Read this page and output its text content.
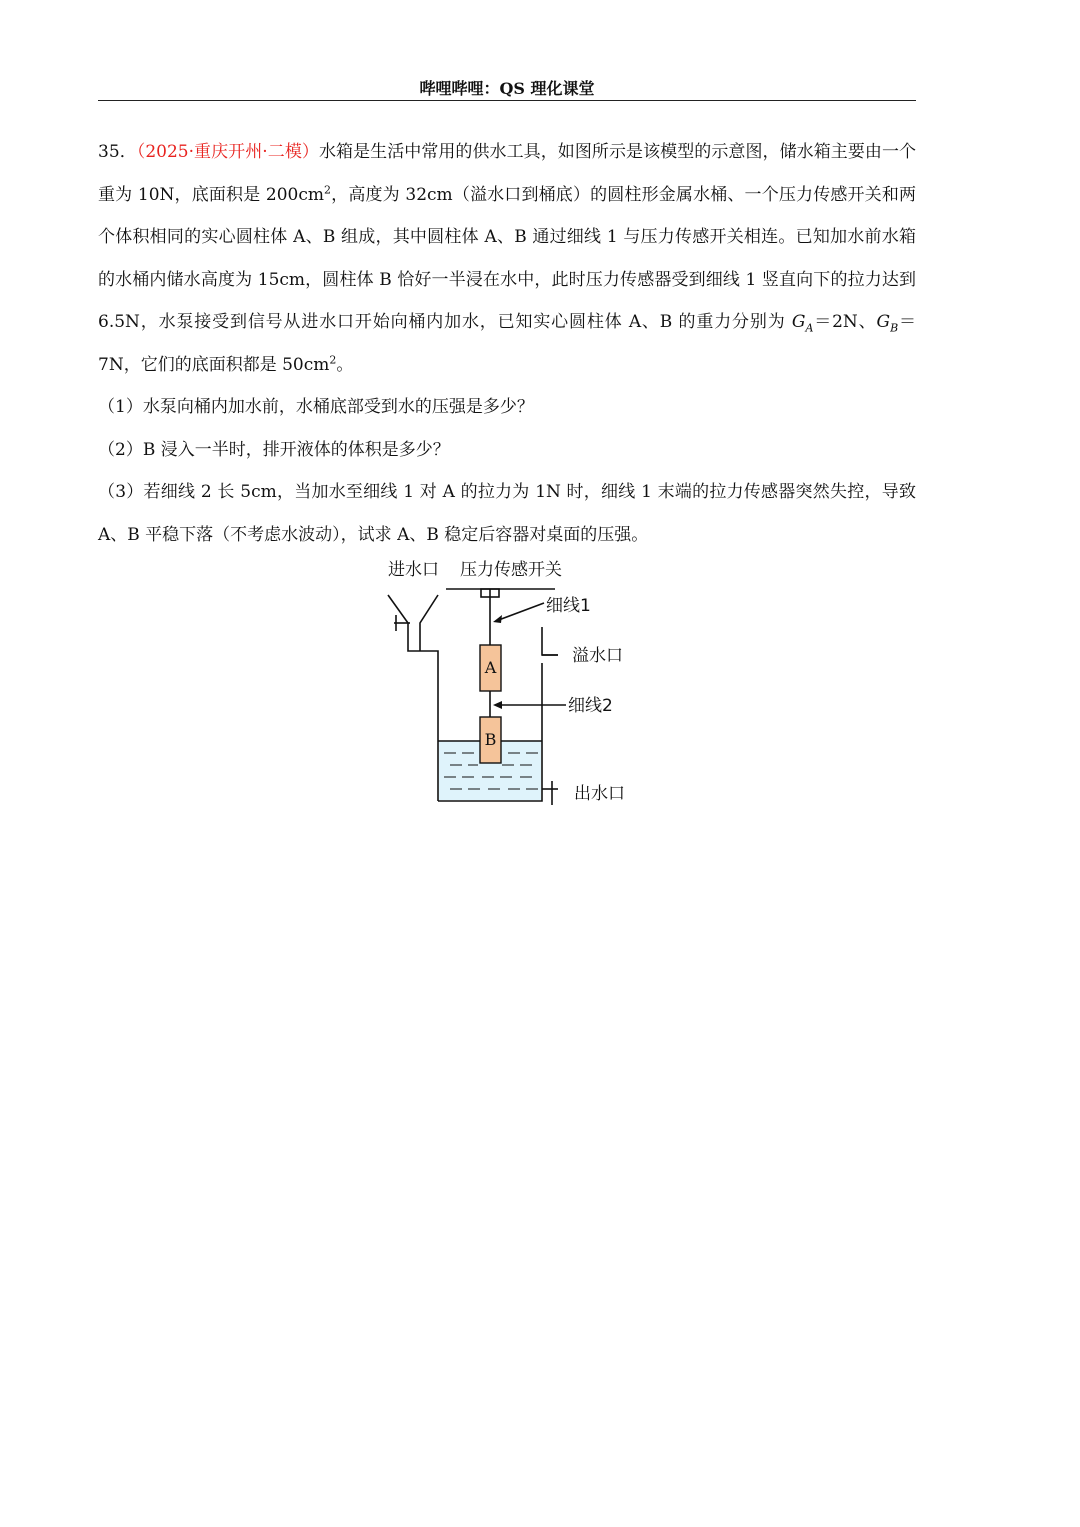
哔哩哔哩：QS 理化课堂

35．（2025·重庆开州·二模）水箱是生活中常用的供水工具，如图所示是该模型的示意图，储水箱主要由一个重为 10N，底面积是 $200cm^2$，高度为 32cm（溢水口到桶底）的圆柱形金属水桶、一个压力传感开关和两个体积相同的实心圆柱体 A、B 组成，其中圆柱体 A、B 通过细线 1 与压力传感开关相连。已知加水前水箱的水桶内储水高度为 15cm，圆柱体 B 恰好一半浸在水中，此时压力传感器受到细线 1 竖直向下的拉力达到 6.5N，水泵接受到信号从进水口开始向桶内加水，已知实心圆柱体 A、B 的重力分别为 $G_A=2N$、$G_B=7N$，它们的底面积都是 $50cm^2$。

（1）水泵向桶内加水前，水桶底部受到水的压强是多少？

（2）B 浸入一半时，排开液体的体积是多少？

（3）若细线 2 长 5cm，当加水至细线 1 对 A 的拉力为 1N 时，细线 1 末端的拉力传感器突然失控，导致 A、B 平稳下落（不考虑水波动），试求 A、B 稳定后容器对桌面的压强。

A
B
进水口 压力传感开关
细线1
溢水口
细线2
出水口
